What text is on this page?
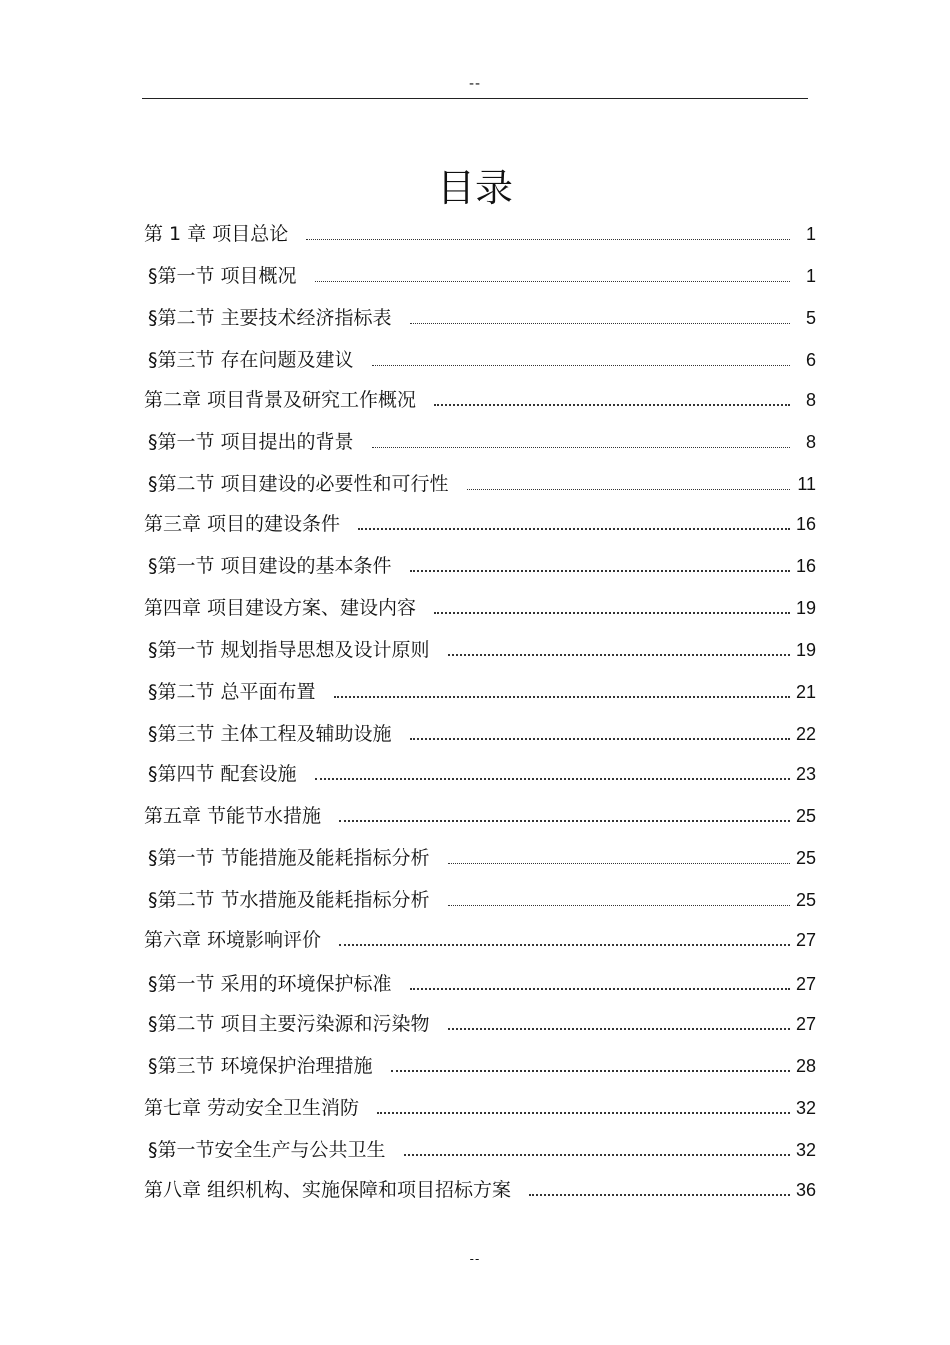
--
目录
第 1 章 项目总论	1
§第一节 项目概况	1
§第二节 主要技术经济指标表	5
§第三节 存在问题及建议	6
第二章 项目背景及研究工作概况	8
§第一节 项目提出的背景	8
§第二节 项目建设的必要性和可行性	11
第三章 项目的建设条件	16
§第一节 项目建设的基本条件	16
第四章 项目建设方案、建设内容	19
§第一节 规划指导思想及设计原则	19
§第二节 总平面布置	21
§第三节 主体工程及辅助设施	22
§第四节 配套设施	23
第五章 节能节水措施	25
§第一节 节能措施及能耗指标分析	25
§第二节 节水措施及能耗指标分析	25
第六章 环境影响评价	27
§第一节 采用的环境保护标准	27
§第二节 项目主要污染源和污染物	27
§第三节 环境保护治理措施	28
第七章 劳动安全卫生消防	32
§第一节安全生产与公共卫生	32
第八章 组织机构、实施保障和项目招标方案	36
--
